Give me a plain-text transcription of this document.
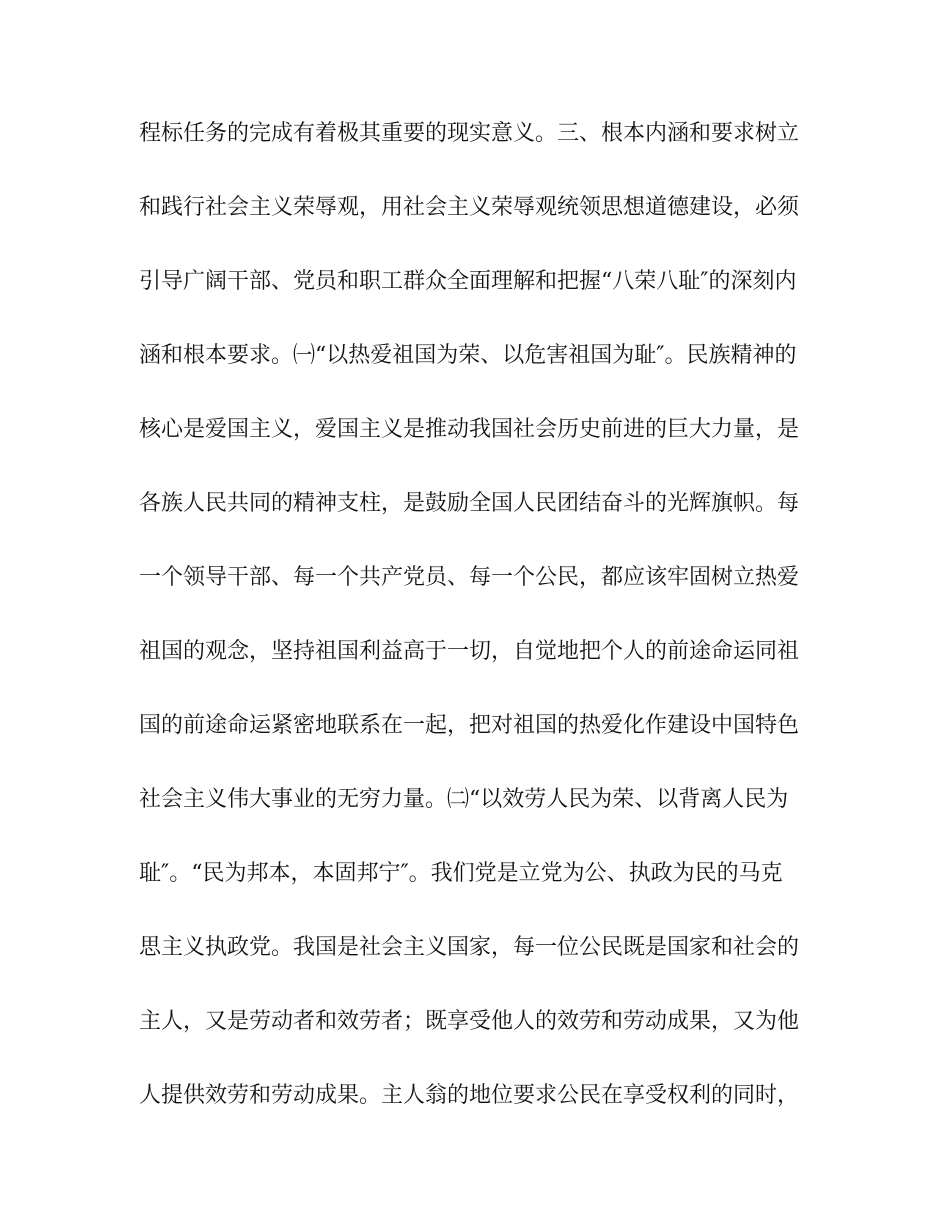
程标任务的完成有着极其重要的现实意义。三、根本内涵和要求树立
和践行社会主义荣辱观，用社会主义荣辱观统领思想道德建设，必须
引导广阔干部、党员和职工群众全面理解和把握“八荣八耻″的深刻内
涵和根本要求。㈠“以热爱祖国为荣、以危害祖国为耻″。民族精神的
核心是爱国主义，爱国主义是推动我国社会历史前进的巨大力量，是
各族人民共同的精神支柱，是鼓励全国人民团结奋斗的光辉旗帜。每
一个领导干部、每一个共产党员、每一个公民，都应该牢固树立热爱
祖国的观念，坚持祖国利益高于一切，自觉地把个人的前途命运同祖
国的前途命运紧密地联系在一起，把对祖国的热爱化作建设中国特色
社会主义伟大事业的无穷力量。㈡“以效劳人民为荣、以背离人民为
耻″。“民为邦本，本固邦宁″。我们党是立党为公、执政为民的马克
思主义执政党。我国是社会主义国家，每一位公民既是国家和社会的
主人，又是劳动者和效劳者；既享受他人的效劳和劳动成果，又为他
人提供效劳和劳动成果。主人翁的地位要求公民在享受权利的同时，
